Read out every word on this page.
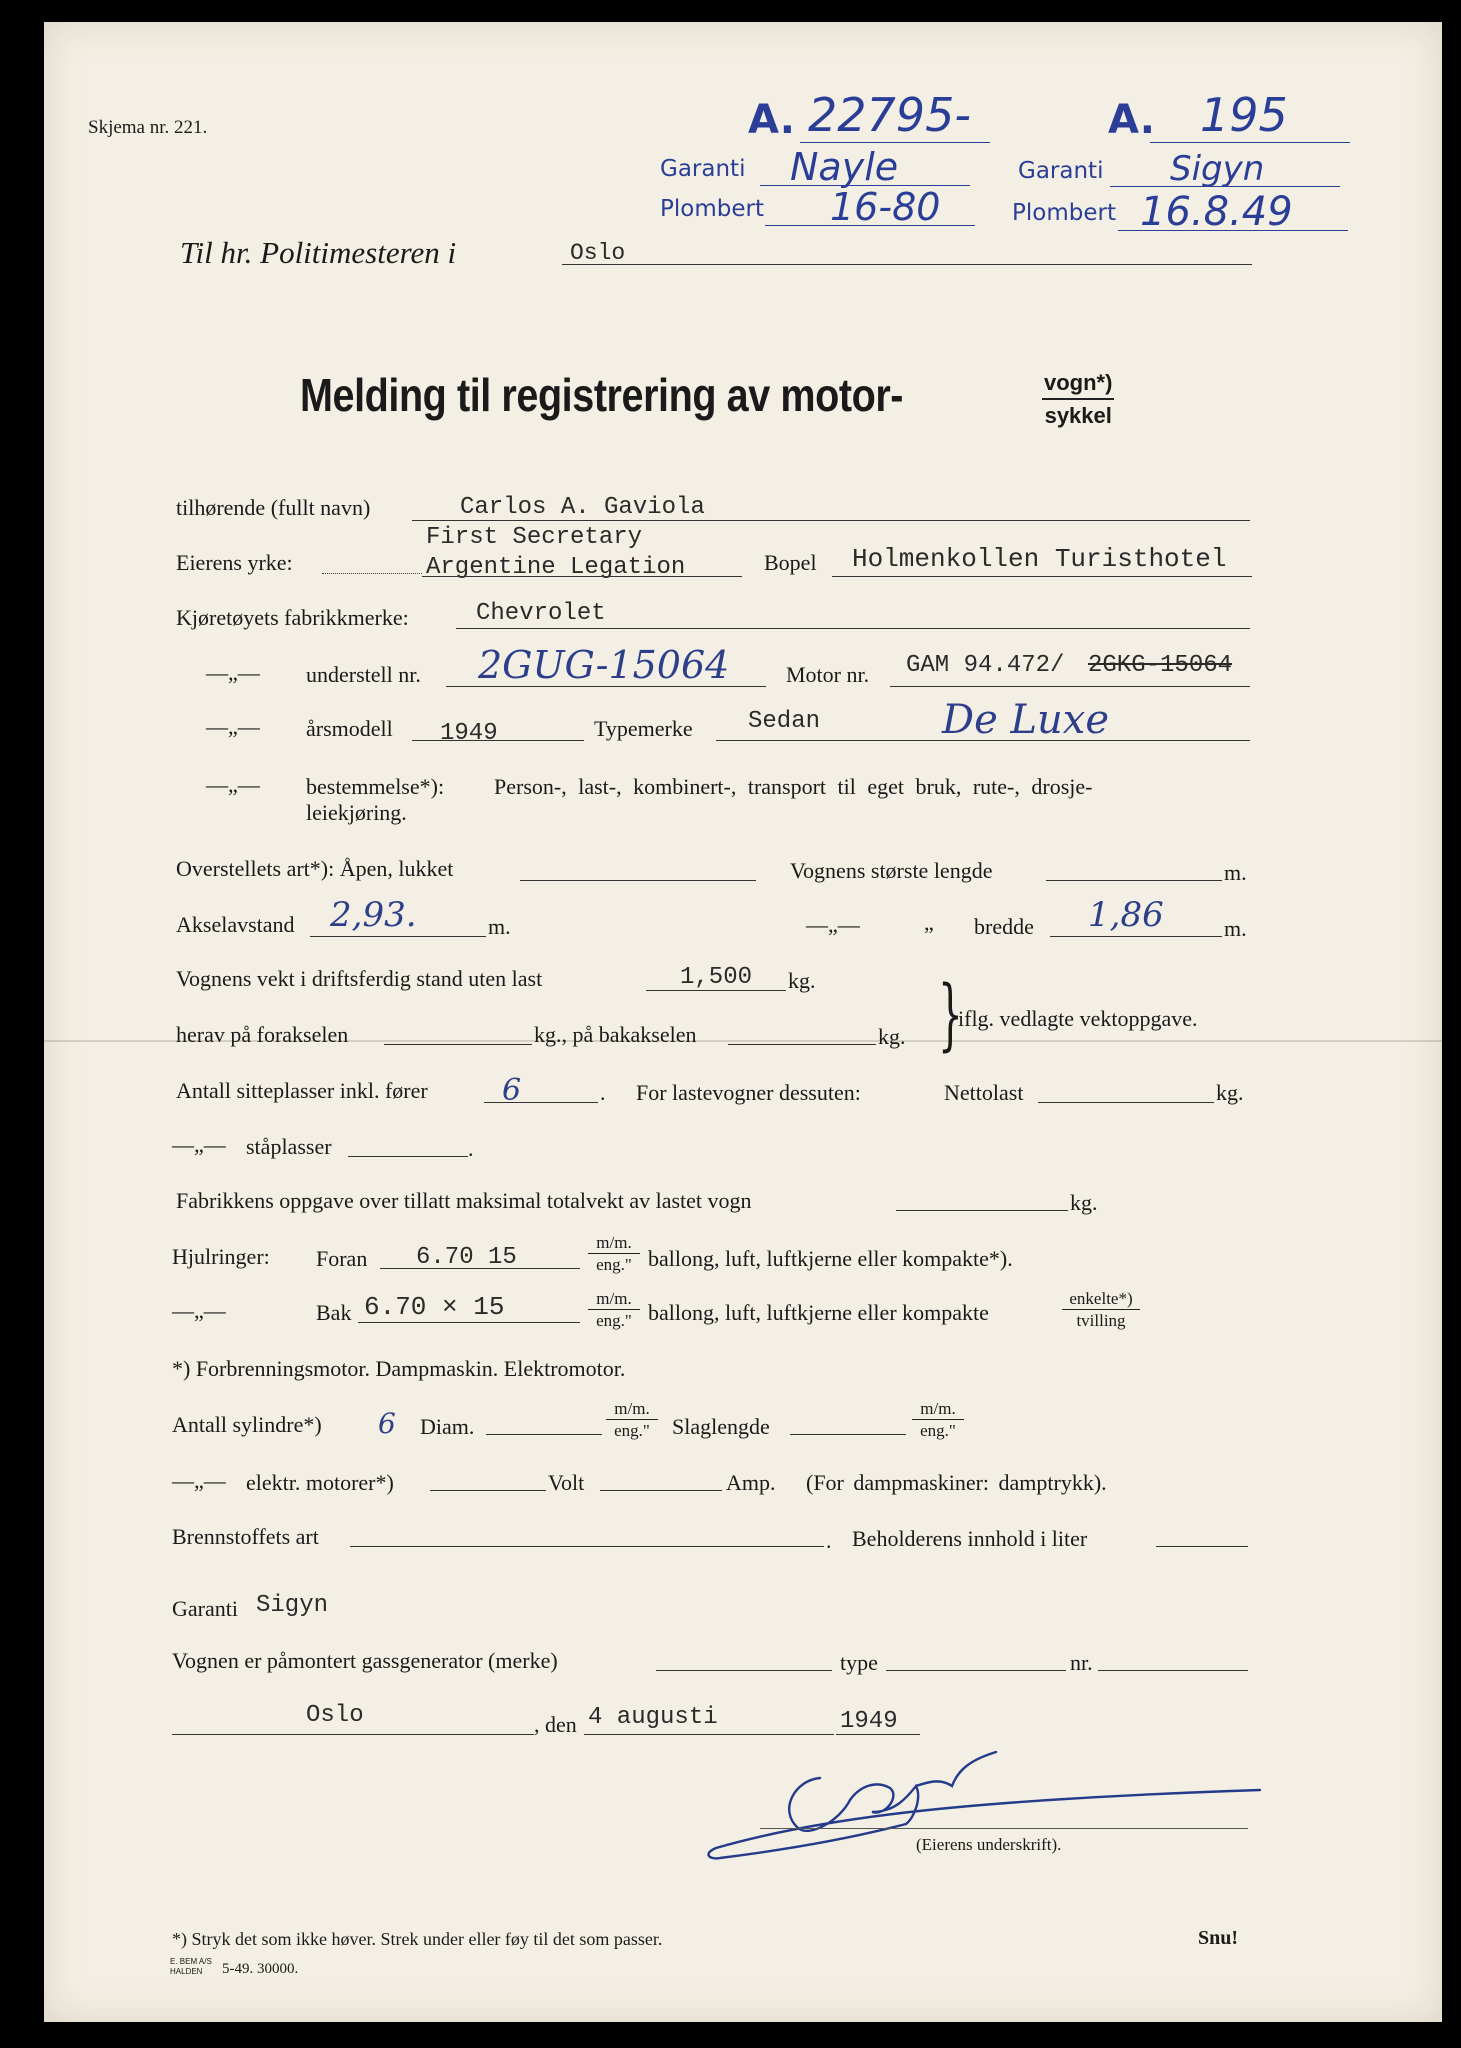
Skjema nr. 221.
Til hr. Politimesteren i	Oslo
A. 22795-
Garanti Nayle
Plombert 16-80
A. 195
Garanti Sigyn
Plombert 16.8.49
Melding til registrering av motor-	vogn*)
sykkel
tilhørende (fullt navn)	Carlos A. Gaviola
First Secretary
Eierens yrke:	Argentine Legation	Bopel Holmenkollen Turisthotel
Kjøretøyets fabrikkmerke:	Chevrolet
—„— understell nr. 2GUG-15064	Motor nr. GAM 94.472/ 2GKG-15064
—„— årsmodell 1949	Typemerke Sedan	De Luxe
—„— bestemmelse*): Person-, last-, kombinert-, transport til eget bruk, rute-, drosje-
leiekjøring.
Overstellets art*): Åpen, lukket	Vognens største lengde	m.
Akselavstand 2,93.	m.	—„—	„ bredde 1,86	m.
Vognens vekt i driftsferdig stand uten last	1,500 kg.
herav på forakselen	kg., på bakakselen	kg. }
iflg. vedlagte vektoppgave.
Antall sitteplasser inkl. fører 6	. For lastevogner dessuten:	Nettolast	kg.
—„— ståplasser	.
Fabrikkens oppgave over tillatt maksimal totalvekt av lastet vogn	kg.
Hjulringer: Foran 6.70 15
m/m.
eng." ballong, luft, luftkjerne eller kompakte*).
—„—	Bak 6.70 × 15	m/m.
eng." ballong, luft, luftkjerne eller kompakte
enkelte*)
tvilling
*) Forbrenningsmotor. Dampmaskin. Elektromotor.
Antall sylindre*) 6 Diam.
m/m.
eng."	Slaglengde
m/m.
eng."
—„— elektr. motorer*)	Volt	Amp. (For dampmaskiner: damptrykk).
Brennstoffets art	. Beholderens innhold i liter
Garanti Sigyn
Vognen er påmontert gassgenerator (merke)	type	nr.
Oslo	, den 4 augusti	1949
(Eierens underskrift).
*) Stryk det som ikke høver. Strek under eller føy til det som passer.	Snu!
E. BEM A/S
HALDEN 5-49. 30000.
